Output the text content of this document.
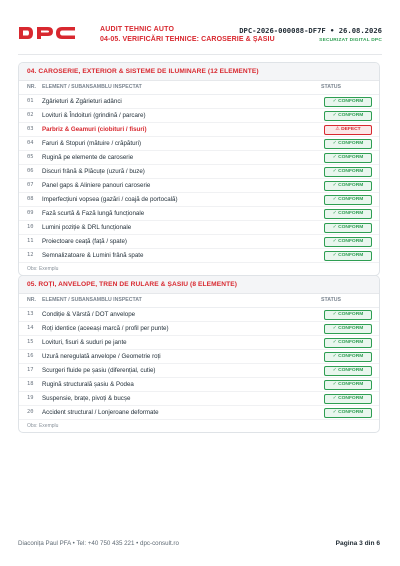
AUDIT TEHNIC AUTO
04-05. VERIFICĂRI TEHNICE: CAROSERIE & ȘASIU
DPC-2026-000088-DF7F • 26.08.2026
SECURIZAT DIGITAL DPC
04. CAROSERIE, EXTERIOR & SISTEME DE ILUMINARE (12 ELEMENTE)
NR. ELEMENT / SUBANSAMBLU INSPECTAT	STATUS
01 Zgârieturi & Zgârieturi adânci	✓ CONFORM
02 Lovituri & Îndoituri (grindină / parcare)	✓ CONFORM
03 Parbriz & Geamuri (ciobituri / fisuri)	⚠ DEFECT
04 Faruri & Stopuri (mătuire / crăpături)	✓ CONFORM
05 Rugină pe elemente de caroserie	✓ CONFORM
06 Discuri frână & Plăcuțe (uzură / buze)	✓ CONFORM
07 Panel gaps & Aliniere panouri caroserie	✓ CONFORM
08 Imperfecțiuni vopsea (gazări / coajă de portocală)	✓ CONFORM
09 Fază scurtă & Fază lungă funcționale	✓ CONFORM
10 Lumini poziție & DRL funcționale	✓ CONFORM
11 Proiectoare ceață (față / spate)	✓ CONFORM
12 Semnalizatoare & Lumini frână spate	✓ CONFORM
Obs: Exemplu
05. ROȚI, ANVELOPE, TREN DE RULARE & ȘASIU (8 ELEMENTE)
NR. ELEMENT / SUBANSAMBLU INSPECTAT	STATUS
13 Condiție & Vârstă / DOT anvelope	✓ CONFORM
14 Roți identice (aceeași marcă / profil per punte)	✓ CONFORM
15 Lovituri, fisuri & suduri pe jante	✓ CONFORM
16 Uzură neregulată anvelope / Geometrie roți	✓ CONFORM
17 Scurgeri fluide pe șasiu (diferențial, cutie)	✓ CONFORM
18 Rugină structurală șasiu & Podea	✓ CONFORM
19 Suspensie, brațe, pivoți & bucșe	✓ CONFORM
20 Accident structural / Lonjeroane deformate	✓ CONFORM
Obs: Exemplu
Diaconița Paul PFA • Tel: +40 750 435 221 • dpc-consult.ro	Pagina 3 din 6
